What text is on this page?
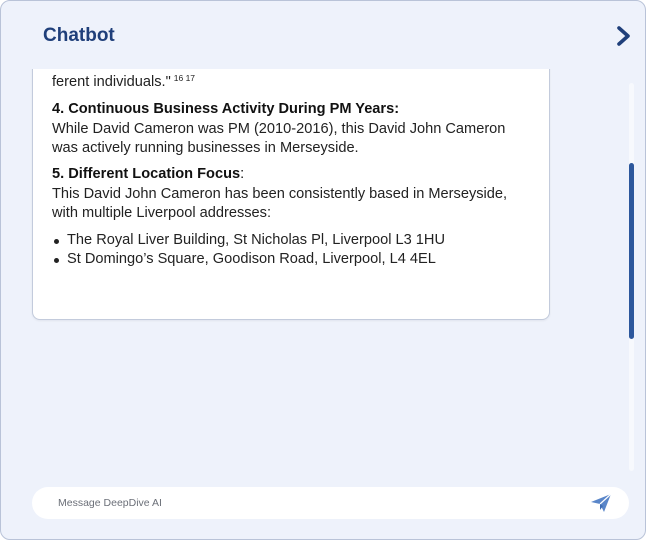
Chatbot

ferent individuals." $^{16 17}$

4. Continuous Business Activity During PM Years:

While David Cameron was PM (2010-2016), this David John Cameron was actively running businesses in Merseyside.

5. Different Location Focus:

This David John Cameron has been consistently based in Merseyside, with multiple Liverpool addresses:

The Royal Liver Building, St Nicholas Pl, Liverpool L3 1HU
St Domingo’s Square, Goodison Road, Liverpool, L4 4EL
Message DeepDive AI
